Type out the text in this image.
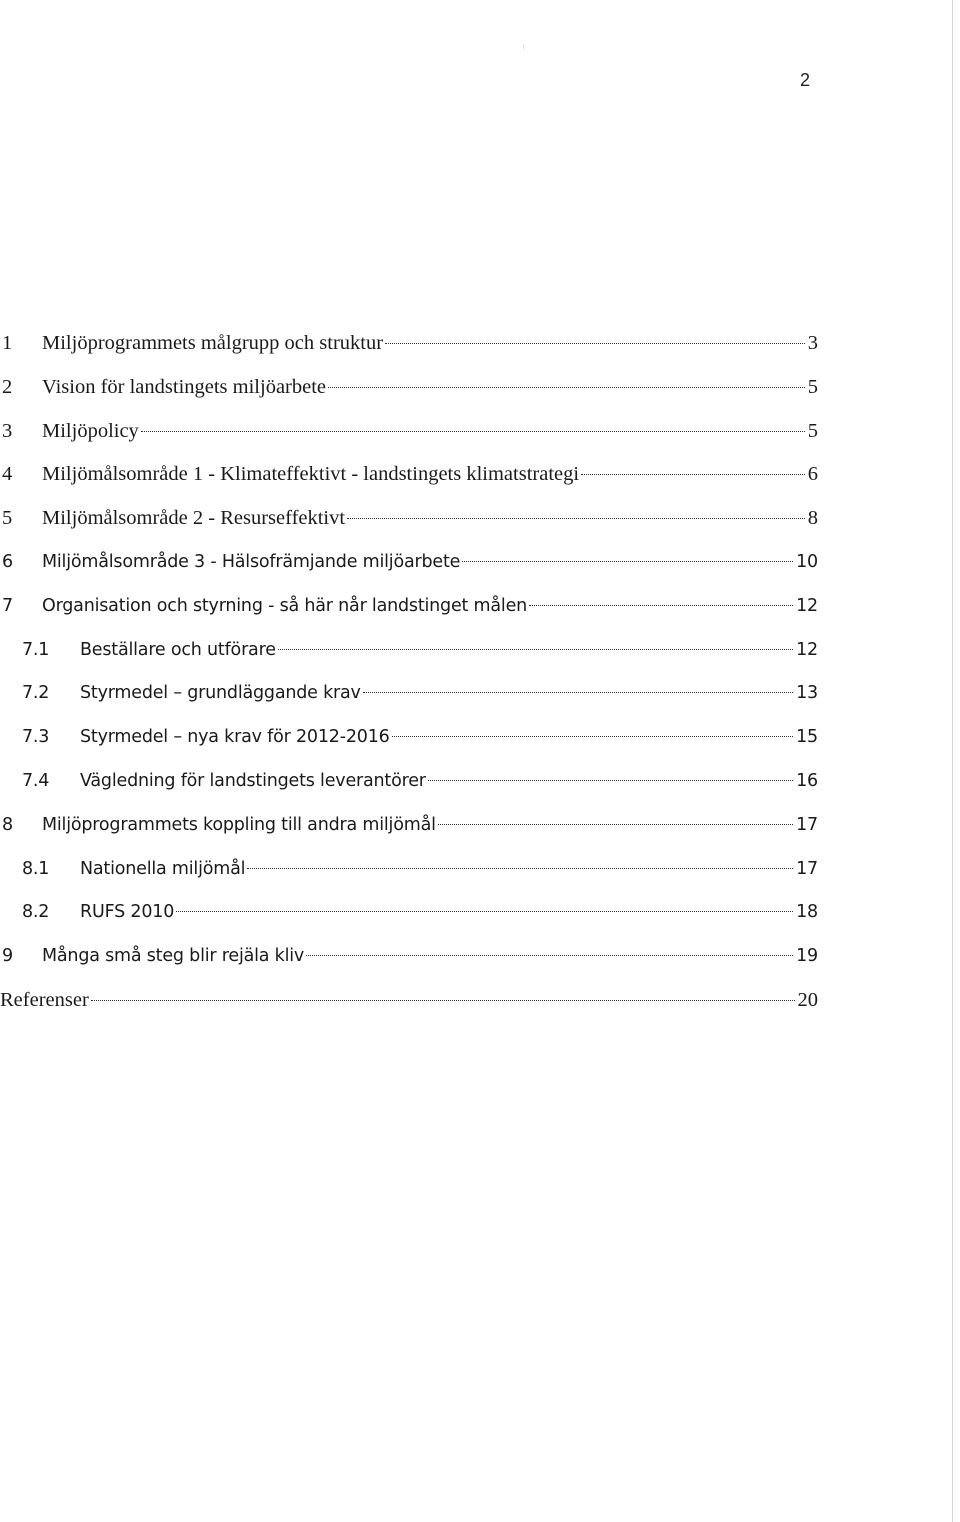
2
1	Miljöprogrammets målgrupp och struktur	3
2	Vision för landstingets miljöarbete	5
3	Miljöpolicy	5
4	Miljömålsområde 1 - Klimateffektivt - landstingets klimatstrategi	6
5	Miljömålsområde 2 - Resurseffektivt	8
6	Miljömålsområde 3 - Hälsofrämjande miljöarbete	10
7	Organisation och styrning - så här når landstinget målen	12
7.1	Beställare och utförare	12
7.2	Styrmedel – grundläggande krav	13
7.3	Styrmedel – nya krav för 2012-2016	15
7.4	Vägledning för landstingets leverantörer	16
8	Miljöprogrammets koppling till andra miljömål	17
8.1	Nationella miljömål	17
8.2	RUFS 2010	18
9	Många små steg blir rejäla kliv	19
Referenser	20
